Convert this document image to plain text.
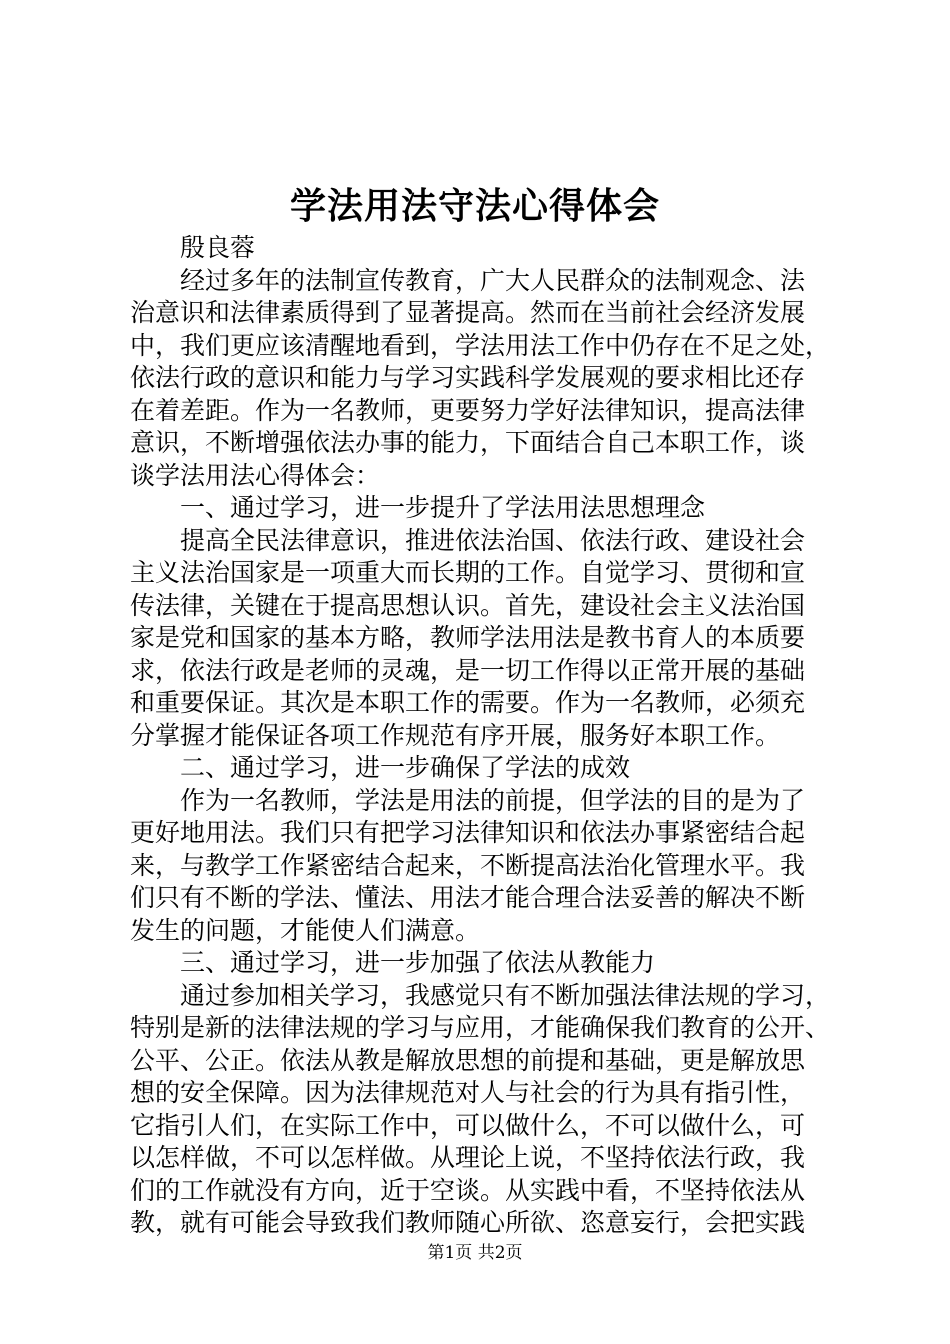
学法用法守法心得体会
殷良蓉
经过多年的法制宣传教育，广大人民群众的法制观念、法
治意识和法律素质得到了显著提高。然而在当前社会经济发展
中，我们更应该清醒地看到，学法用法工作中仍存在不足之处，
依法行政的意识和能力与学习实践科学发展观的要求相比还存
在着差距。作为一名教师，更要努力学好法律知识，提高法律
意识，不断增强依法办事的能力，下面结合自己本职工作，谈
谈学法用法心得体会：
一、通过学习，进一步提升了学法用法思想理念
提高全民法律意识，推进依法治国、依法行政、建设社会
主义法治国家是一项重大而长期的工作。自觉学习、贯彻和宣
传法律，关键在于提高思想认识。首先，建设社会主义法治国
家是党和国家的基本方略，教师学法用法是教书育人的本质要
求，依法行政是老师的灵魂，是一切工作得以正常开展的基础
和重要保证。其次是本职工作的需要。作为一名教师，必须充
分掌握才能保证各项工作规范有序开展，服务好本职工作。
二、通过学习，进一步确保了学法的成效
作为一名教师，学法是用法的前提，但学法的目的是为了
更好地用法。我们只有把学习法律知识和依法办事紧密结合起
来，与教学工作紧密结合起来，不断提高法治化管理水平。我
们只有不断的学法、懂法、用法才能合理合法妥善的解决不断
发生的问题，才能使人们满意。
三、通过学习，进一步加强了依法从教能力
通过参加相关学习，我感觉只有不断加强法律法规的学习，
特别是新的法律法规的学习与应用，才能确保我们教育的公开、
公平、公正。依法从教是解放思想的前提和基础，更是解放思
想的安全保障。因为法律规范对人与社会的行为具有指引性，
它指引人们，在实际工作中，可以做什么，不可以做什么，可
以怎样做，不可以怎样做。从理论上说，不坚持依法行政，我
们的工作就没有方向，近于空谈。从实践中看，不坚持依法从
教，就有可能会导致我们教师随心所欲、恣意妄行，会把实践
第1页 共2页
